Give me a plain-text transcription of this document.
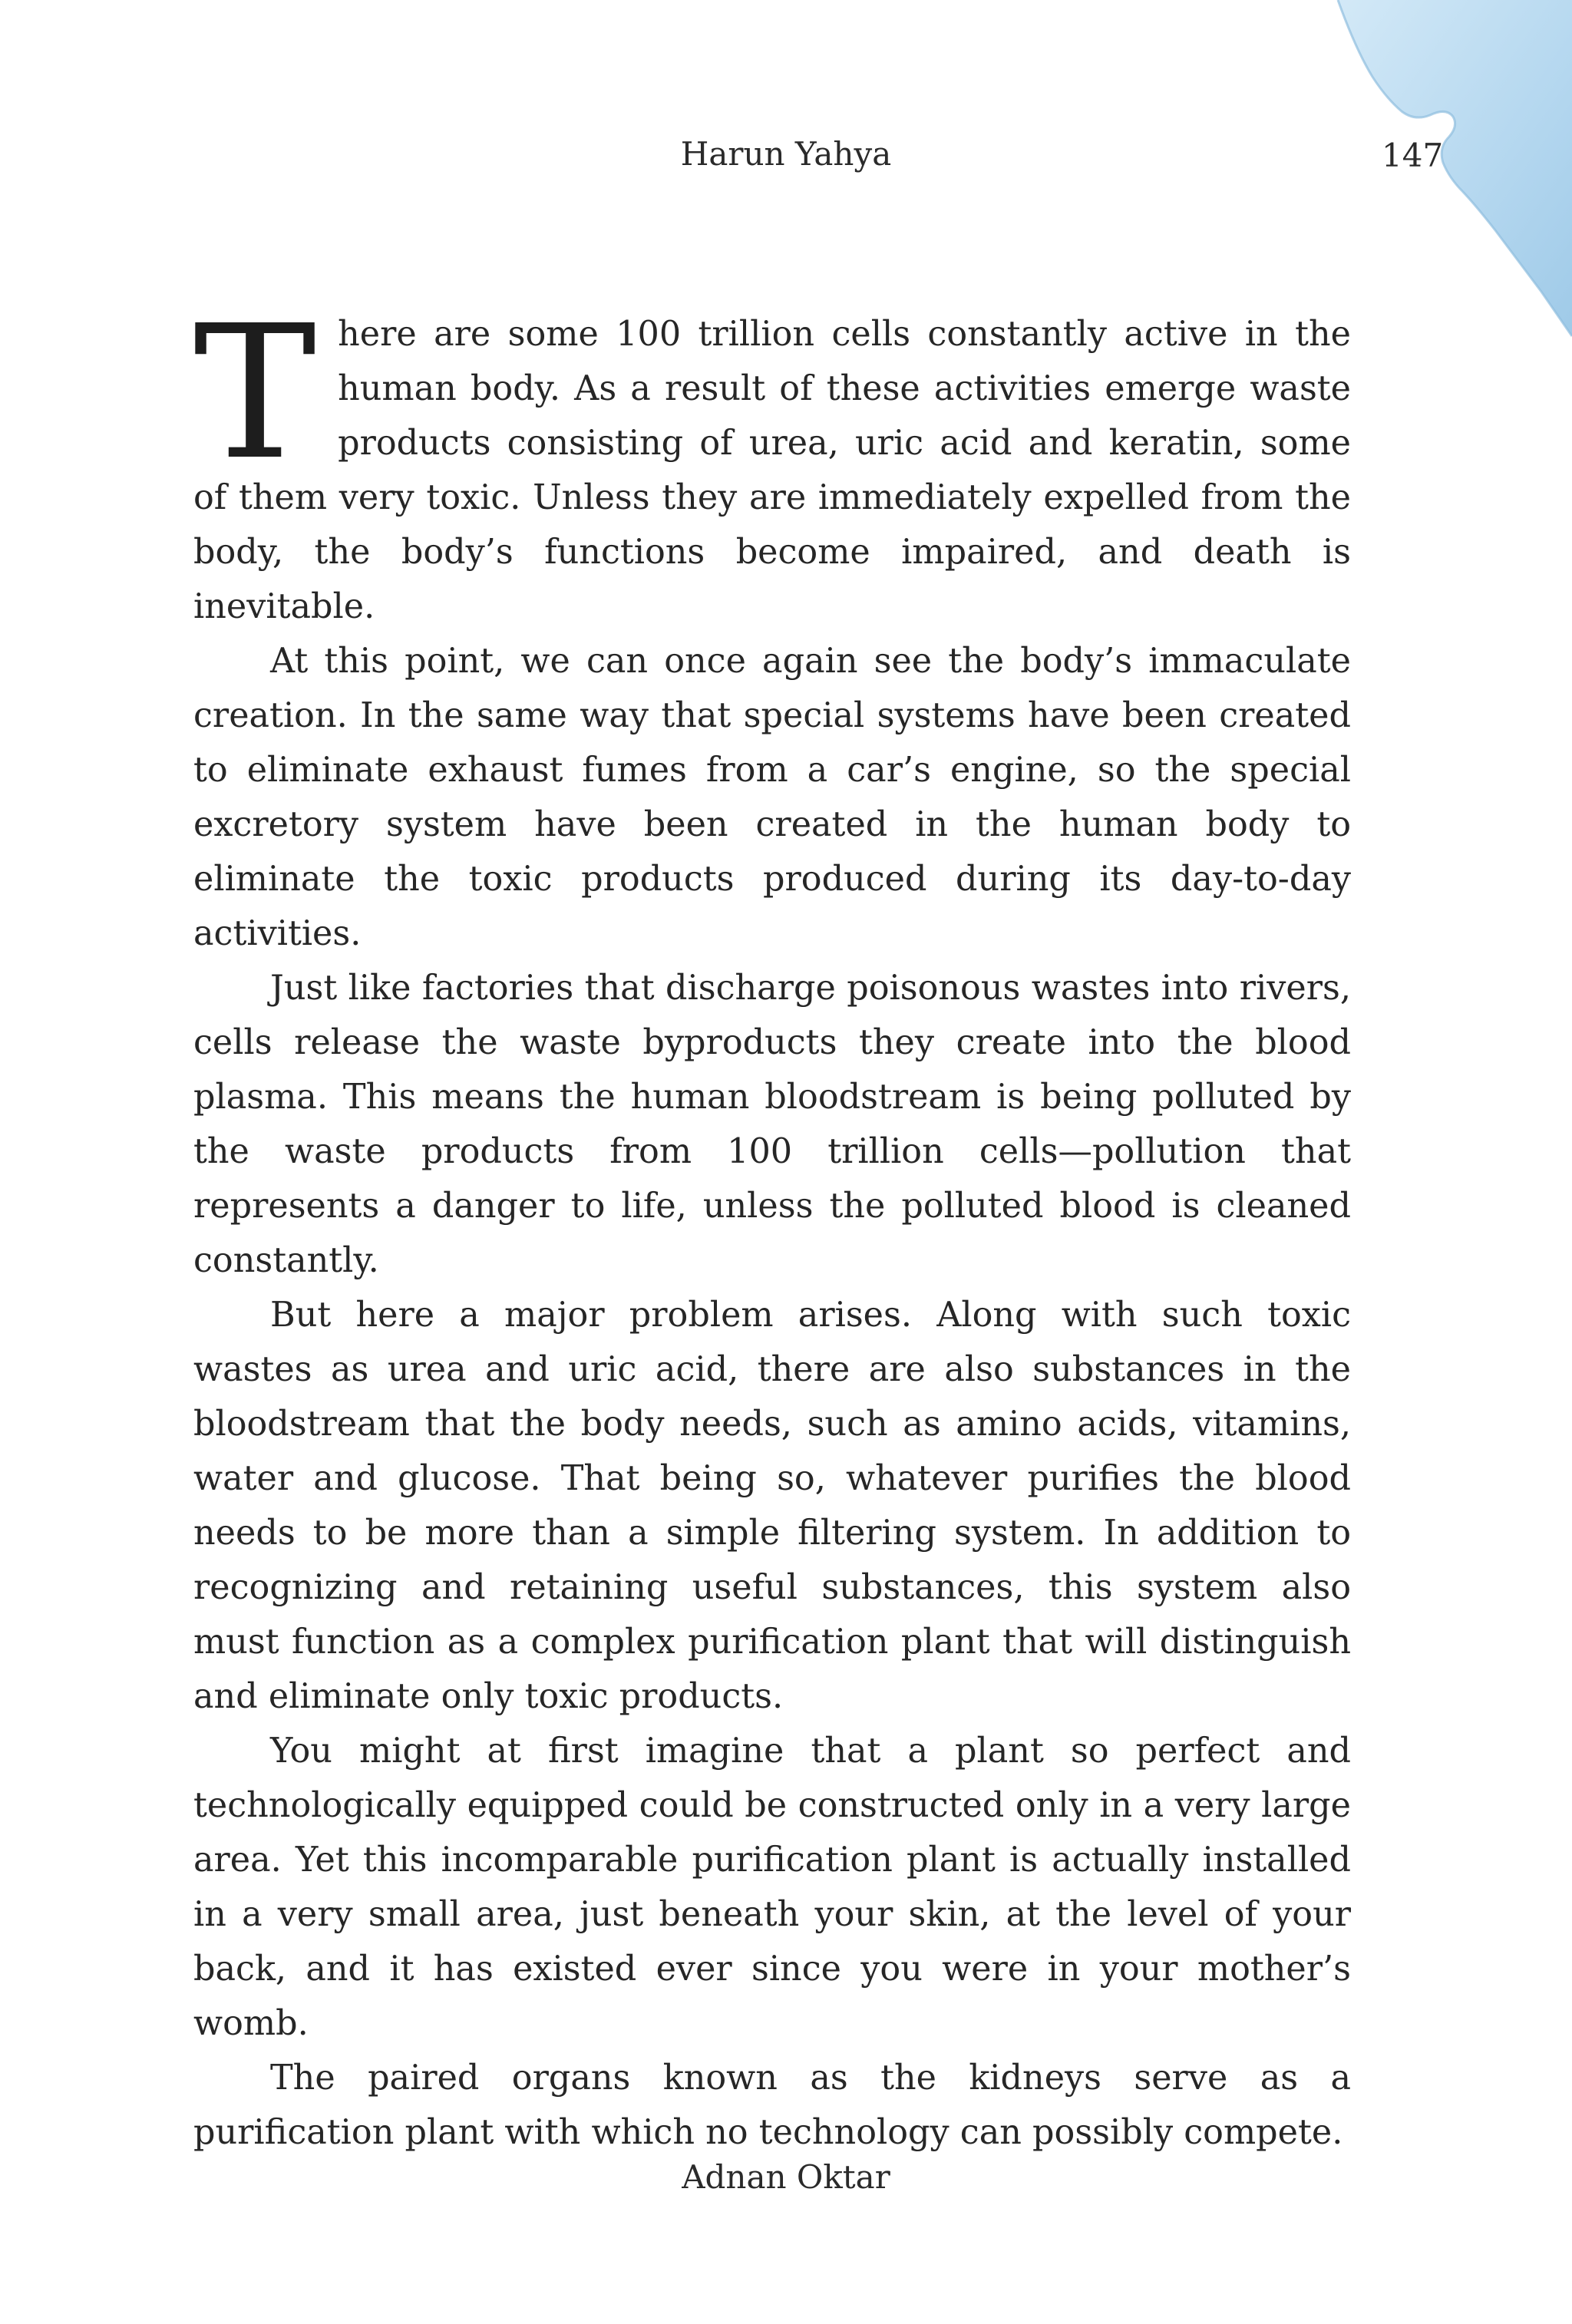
Harun Yahya	147

There are some 100 trillion cells constantly active in the human body. As a result of these activities emerge waste products consisting of urea, uric acid and keratin, some of them very toxic. Unless they are immediately expelled from the body, the body’s functions become impaired, and death is inevitable.

At this point, we can once again see the body’s immaculate creation. In the same way that special systems have been created to eliminate exhaust fumes from a car’s engine, so the special excretory system have been created in the human body to eliminate the toxic products produced during its day-to-day activities.

Just like factories that discharge poisonous wastes into rivers, cells release the waste byproducts they create into the blood plasma. This means the human bloodstream is being polluted by the waste products from 100 trillion cells—pollution that represents a danger to life, unless the polluted blood is cleaned constantly.

But here a major problem arises. Along with such toxic wastes as urea and uric acid, there are also substances in the bloodstream that the body needs, such as amino acids, vitamins, water and glucose. That being so, whatever purifies the blood needs to be more than a simple filtering system. In addition to recognizing and retaining useful substances, this system also must function as a complex purification plant that will distinguish and eliminate only toxic products.

You might at first imagine that a plant so perfect and technologically equipped could be constructed only in a very large area. Yet this incomparable purification plant is actually installed in a very small area, just beneath your skin, at the level of your back, and it has existed ever since you were in your mother’s womb.

The paired organs known as the kidneys serve as a purification plant with which no technology can possibly compete.

Adnan Oktar
